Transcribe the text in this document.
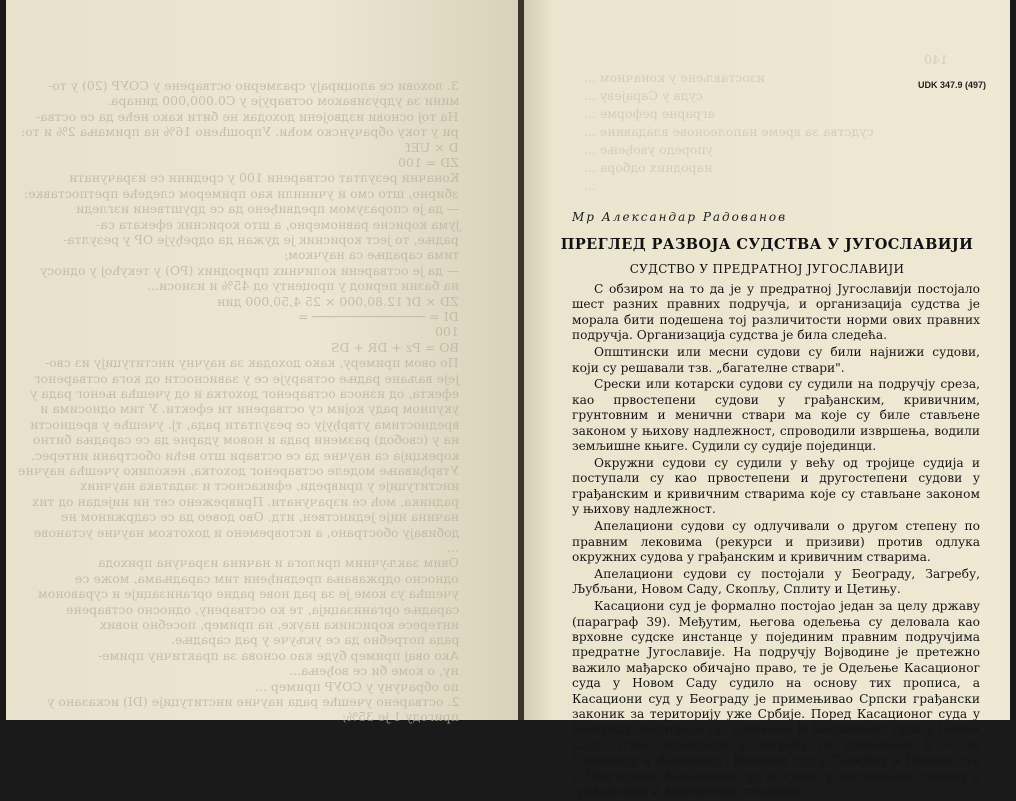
3. лохови се алоцирају сразмерно остварене у СОУР (20) у то-
мини за удрузиваком остварује у С0.000,000 динара.
На тој основи издвојени доходак не бити како неће да се оства-
ри у току обрачунско моћи. Упрошћено 16% на примања 2% и то:
D × UEf
ZD = 100
Коначни резултат остварени 100 у средини се израчунати
збирно, што смо и учинили као примером следеће претпоставке:
— да је споразумом предвиђено да се друштвени изгледи
јума корисне равномерно, а што корисник ефеката са-
радње, то јест корисник је дужан да одређује ОР у резулта-
тима сарадње са научком;
— да је остварени количних природних (PO) у текућој у односу
на базни период у проценту од 45% и износи...
ZD × Df 12.80,000 × 25 4,50,000 дин
DI = ─────────────── =
100
BO = Pz + DR + DS
По овом примеру, како доходак за научну институцију из сво-
јеје ваљане радње остварује се у зависности од кога оствареног
ефекта, од износа оствареног дохотка и од учешћа њеног рада у
укупном раду којим су остварени ти ефекти. У тим односима и
вредностима утврђују се резултати рада, тј. учешће у вредности
на у (свобод) размени рада и новом ударне да се сарадња битно
корекција са научне да се оствари што већи обострани интерес.
Утврђивање моделе оствареног дохотка, неколико учешћа научне
институције у привреди, ефикасност и задатака научних
радника, моћ се израчунати. Приврежено сет ни ниједан од тих
начина није јединствен, итд. Ово довео да се садржином не
добивају обострано, а истовремено и дохотком научне установе
...
Овим закључним прилога и начина израчуна прихода
односно одржавања предвиђени тим сарадњама, може се
учешћа уз коме је за рад нове радне организације и суравоном
сарадње организација, те ко остварену, односно остварене
интересе корисника науке, на пример, посебно нових
рада потребно да се укључе у рад сарадње.
Ако овај пример буде као основа за практичну приме-
ну, о коме би се вођења...
по обрачуну у СОУР пример ...
2. остварено учешће рада научне институције (DI) исказано у
пригоду 1 је 35%;
140
изостављене у коначном ...
суда у Сарајеву ...
аграрне реформе ...
судства за време наполеонове владавине ...
упоредо увођење ...
народних одбора ...
...
UDK 347.9 (497)
Мр Александар Радованов
ПРЕГЛЕД РАЗВОЈА СУДСТВА У ЈУГОСЛАВИЈИ
СУДСТВО У ПРЕДРАТНОЈ ЈУГОСЛАВИЈИ

С обзиром на то да је у предратној Југославији постојало шест разних правних подручја, и организација судства је морала бити подешена тој различитости норми ових правних подручја. Организација судства је била следећа.

Општински или месни судови су били најнижи судови, који су решавали тзв. „багателне ствари".

Срески или котарски судови су судили на подручју среза, као првостепени судови у грађанским, кривичним, грунтовним и менични ствари ма које су биле стављене законом у њихову надлежност, спроводили извршења, водили земљишне књиге. Судили су судије појединци.

Окружни судови су судили у већу од тројице судија и поступали су као првостепени и другостепени судови у грађанским и кривичним стварима које су стављане законом у њихову надлежност.

Апелациони судови су одлучивали о другом степену по правним лековима (рекурси и призиви) против одлука окружних судова у грађанским и кривичним стварима.

Апелациони судови су постојали у Београду, Загребу, Љубљани, Новом Саду, Скопљу, Сплиту и Цетињу.

Касациони суд је формално постојао један за целу државу (параграф 39). Међутим, његова одељења су деловала као врховне судске инстанце у појединим правним подручјима предратне Југославије. На подручју Војводине је претежно важило мађарско обичајно право, те је Одељење Касационог суда у Новом Саду судило на основу тих прописа, а Касациони суд у Београду је примењивао Српски грађански законик за територију уже Србије. Поред Касационог суда у Београду, постојали су: Одељење В Касационог суда у Новом Саду, Стол седморице у Загребу са Одељењем Б — за Словенију и Далмацију, Врховни суд у Сарајеву и Велики суд у Подгорици, Касациони суд је судио у последњем степену у грађанским и кривичним стварима.
